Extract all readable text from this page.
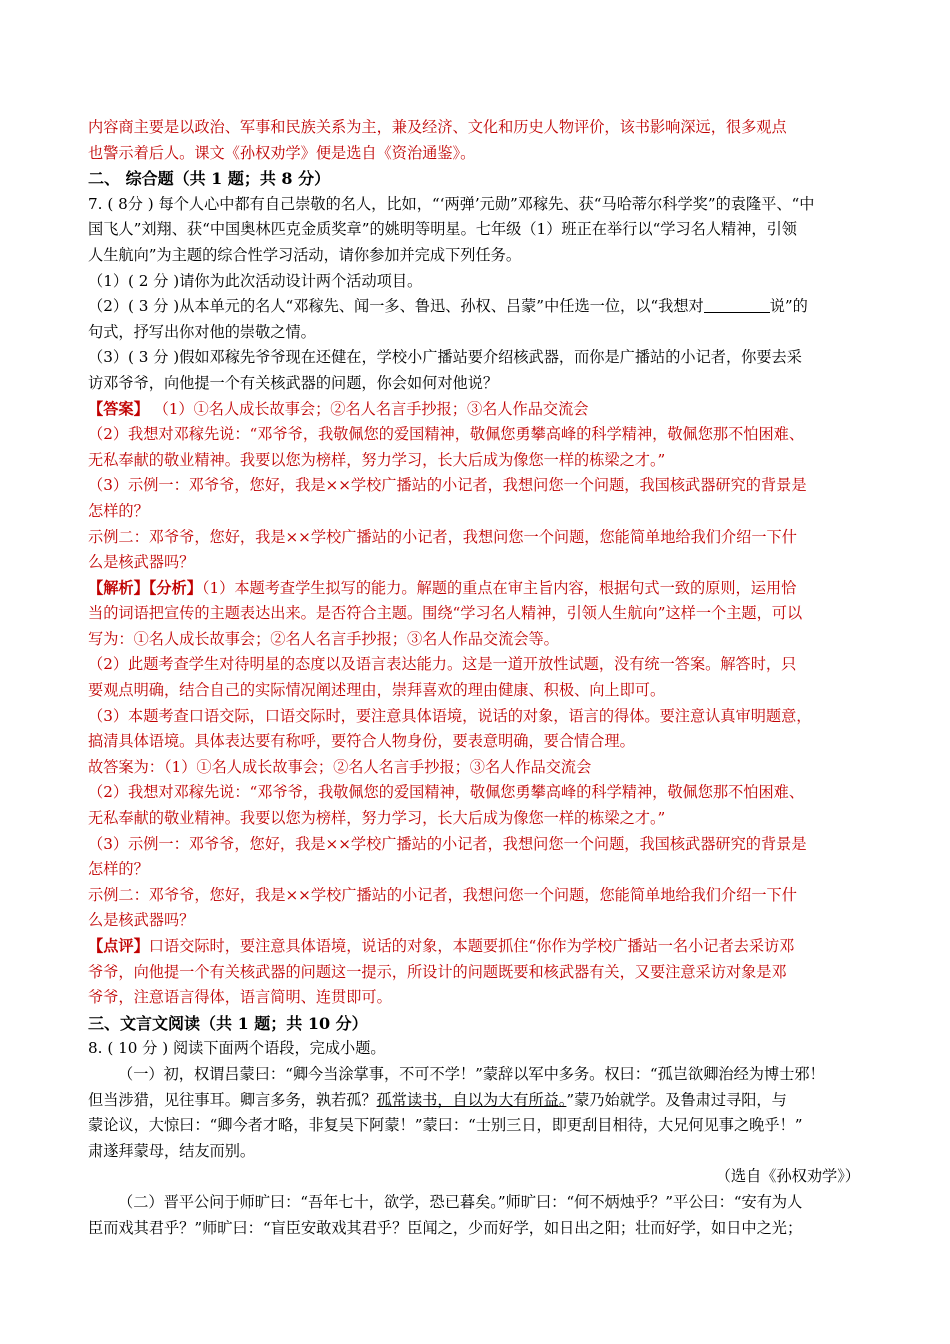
内容商主要是以政治、军事和民族关系为主，兼及经济、文化和历史人物评价，该书影响深远，很多观点
也警示着后人。课文《孙权劝学》便是选自《资治通鉴》。
二、 综合题（共 1 题；共 8 分）
7. ( 8分 ) 每个人心中都有自己崇敬的名人，比如，“‘两弹’元勋”邓稼先、获“马哈蒂尔科学奖”的袁隆平、“中
国飞人”刘翔、获“中国奥林匹克金质奖章”的姚明等明星。七年级（1）班正在举行以“学习名人精神，引领
人生航向”为主题的综合性学习活动，请你参加并完成下列任务。
（1）( 2 分 )请你为此次活动设计两个活动项目。
（2）( 3 分 )从本单元的名人“邓稼先、闻一多、鲁迅、孙权、吕蒙”中任选一位，以“我想对	说”的
句式，抒写出你对他的崇敬之情。
（3）( 3 分 )假如邓稼先爷爷现在还健在，学校小广播站要介绍核武器，而你是广播站的小记者，你要去采
访邓爷爷，向他提一个有关核武器的问题，你会如何对他说？
【答案】 （1）①名人成长故事会；②名人名言手抄报；③名人作品交流会
（2）我想对邓稼先说：“邓爷爷，我敬佩您的爱国精神，敬佩您勇攀高峰的科学精神，敬佩您那不怕困难、
无私奉献的敬业精神。我要以您为榜样，努力学习，长大后成为像您一样的栋梁之才。”
（3）示例一：邓爷爷，您好，我是××学校广播站的小记者，我想问您一个问题，我国核武器研究的背景是
怎样的？
示例二：邓爷爷，您好，我是××学校广播站的小记者，我想问您一个问题，您能简单地给我们介绍一下什
么是核武器吗？
【解析】【分析】（1）本题考查学生拟写的能力。解题的重点在审主旨内容，根据句式一致的原则，运用恰
当的词语把宣传的主题表达出来。是否符合主题。围绕“学习名人精神，引领人生航向”这样一个主题，可以
写为：①名人成长故事会；②名人名言手抄报；③名人作品交流会等。
（2）此题考查学生对待明星的态度以及语言表达能力。这是一道开放性试题，没有统一答案。解答时，只
要观点明确，结合自己的实际情况阐述理由，崇拜喜欢的理由健康、积极、向上即可。
（3）本题考查口语交际，口语交际时，要注意具体语境，说话的对象，语言的得体。要注意认真审明题意，
搞清具体语境。具体表达要有称呼，要符合人物身份，要表意明确，要合情合理。
故答案为：（1）①名人成长故事会；②名人名言手抄报；③名人作品交流会
（2）我想对邓稼先说：“邓爷爷，我敬佩您的爱国精神，敬佩您勇攀高峰的科学精神，敬佩您那不怕困难、
无私奉献的敬业精神。我要以您为榜样，努力学习，长大后成为像您一样的栋梁之才。”
（3）示例一：邓爷爷，您好，我是××学校广播站的小记者，我想问您一个问题，我国核武器研究的背景是
怎样的？
示例二：邓爷爷，您好，我是××学校广播站的小记者，我想问您一个问题，您能简单地给我们介绍一下什
么是核武器吗？
【点评】口语交际时，要注意具体语境，说话的对象，本题要抓住“你作为学校广播站一名小记者去采访邓
爷爷，向他提一个有关核武器的问题这一提示，所设计的问题既要和核武器有关，又要注意采访对象是邓
爷爷，注意语言得体，语言简明、连贯即可。
三、文言文阅读（共 1 题；共 10 分）
8. ( 10 分 ) 阅读下面两个语段，完成小题。
（一）初，权谓吕蒙曰：“卿今当涂掌事，不可不学！”蒙辞以军中多务。权曰：“孤岂欲卿治经为博士邪！
但当涉猎，见往事耳。卿言多务，孰若孤？孤常读书，自以为大有所益。”蒙乃始就学。及鲁肃过寻阳，与
蒙论议，大惊曰：“卿今者才略，非复吴下阿蒙！”蒙曰：“士别三日，即更刮目相待，大兄何见事之晚乎！”
肃遂拜蒙母，结友而别。
（选自《孙权劝学》）
（二）晋平公问于师旷曰：“吾年七十，欲学，恐已暮矣。”师旷曰：“何不炳烛乎？”平公曰：“安有为人
臣而戏其君乎？”师旷曰：“盲臣安敢戏其君乎？臣闻之，少而好学，如日出之阳；壮而好学，如日中之光；
